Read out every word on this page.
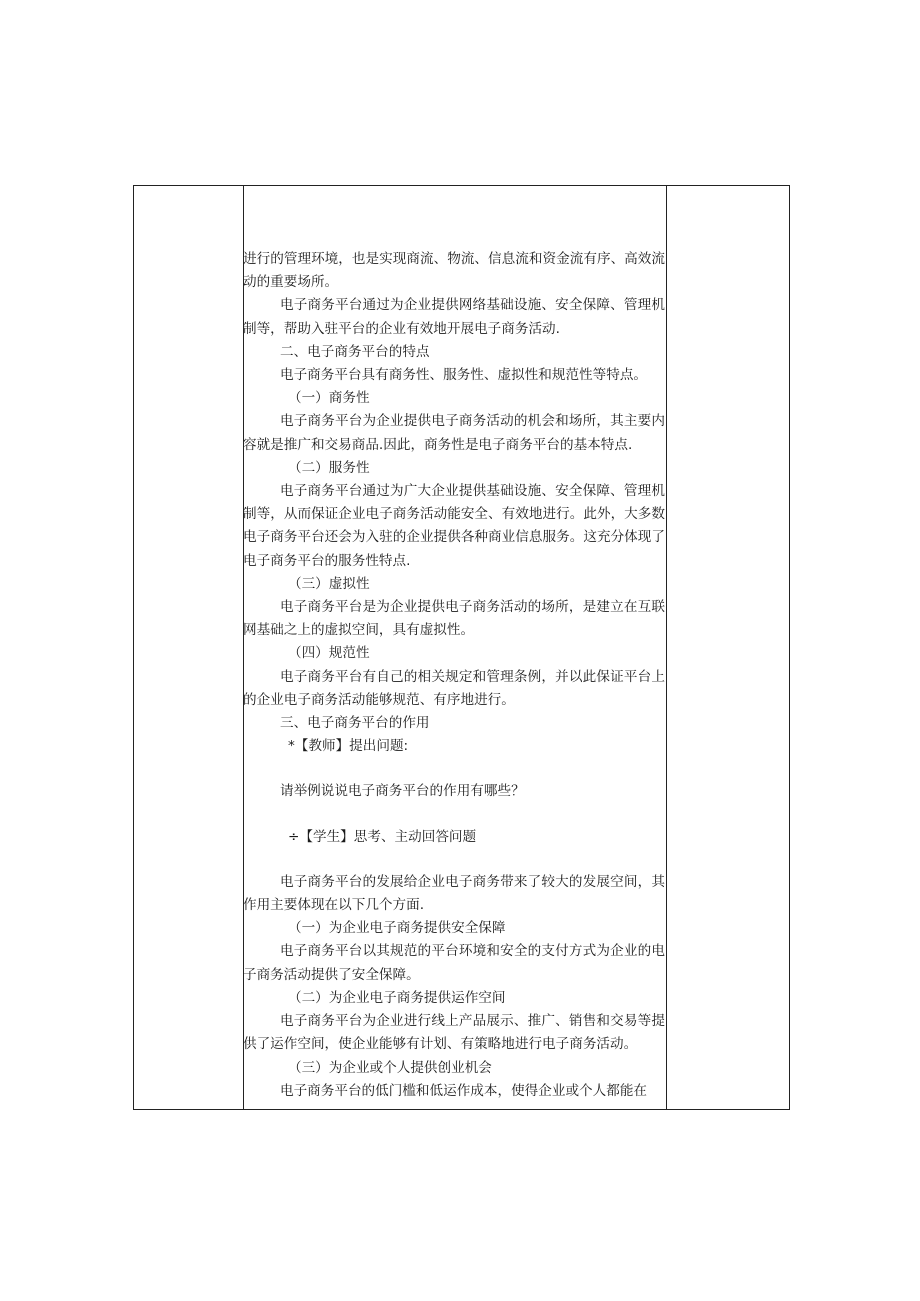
进行的管理环境，也是实现商流、物流、信息流和资金流有序、高效流动的重要场所。

电子商务平台通过为企业提供网络基础设施、安全保障、管理机制等，帮助入驻平台的企业有效地开展电子商务活动.

二、电子商务平台的特点

电子商务平台具有商务性、服务性、虚拟性和规范性等特点。

（一）商务性

电子商务平台为企业提供电子商务活动的机会和场所，其主要内容就是推广和交易商品.因此，商务性是电子商务平台的基本特点.

（二）服务性

电子商务平台通过为广大企业提供基础设施、安全保障、管理机制等，从而保证企业电子商务活动能安全、有效地进行。此外，大多数电子商务平台还会为入驻的企业提供各种商业信息服务。这充分体现了电子商务平台的服务性特点.

（三）虚拟性

电子商务平台是为企业提供电子商务活动的场所，是建立在互联网基础之上的虚拟空间，具有虚拟性。

（四）规范性

电子商务平台有自己的相关规定和管理条例，并以此保证平台上的企业电子商务活动能够规范、有序地进行。

三、电子商务平台的作用

*【教师】提出问题:

请举例说说电子商务平台的作用有哪些？

÷【学生】思考、主动回答问题

电子商务平台的发展给企业电子商务带来了较大的发展空间，其作用主要体现在以下几个方面.

（一）为企业电子商务提供安全保障

电子商务平台以其规范的平台环境和安全的支付方式为企业的电子商务活动提供了安全保障。

（二）为企业电子商务提供运作空间

电子商务平台为企业进行线上产品展示、推广、销售和交易等提供了运作空间，使企业能够有计划、有策略地进行电子商务活动。

（三）为企业或个人提供创业机会

电子商务平台的低门槛和低运作成本，使得企业或个人都能在
